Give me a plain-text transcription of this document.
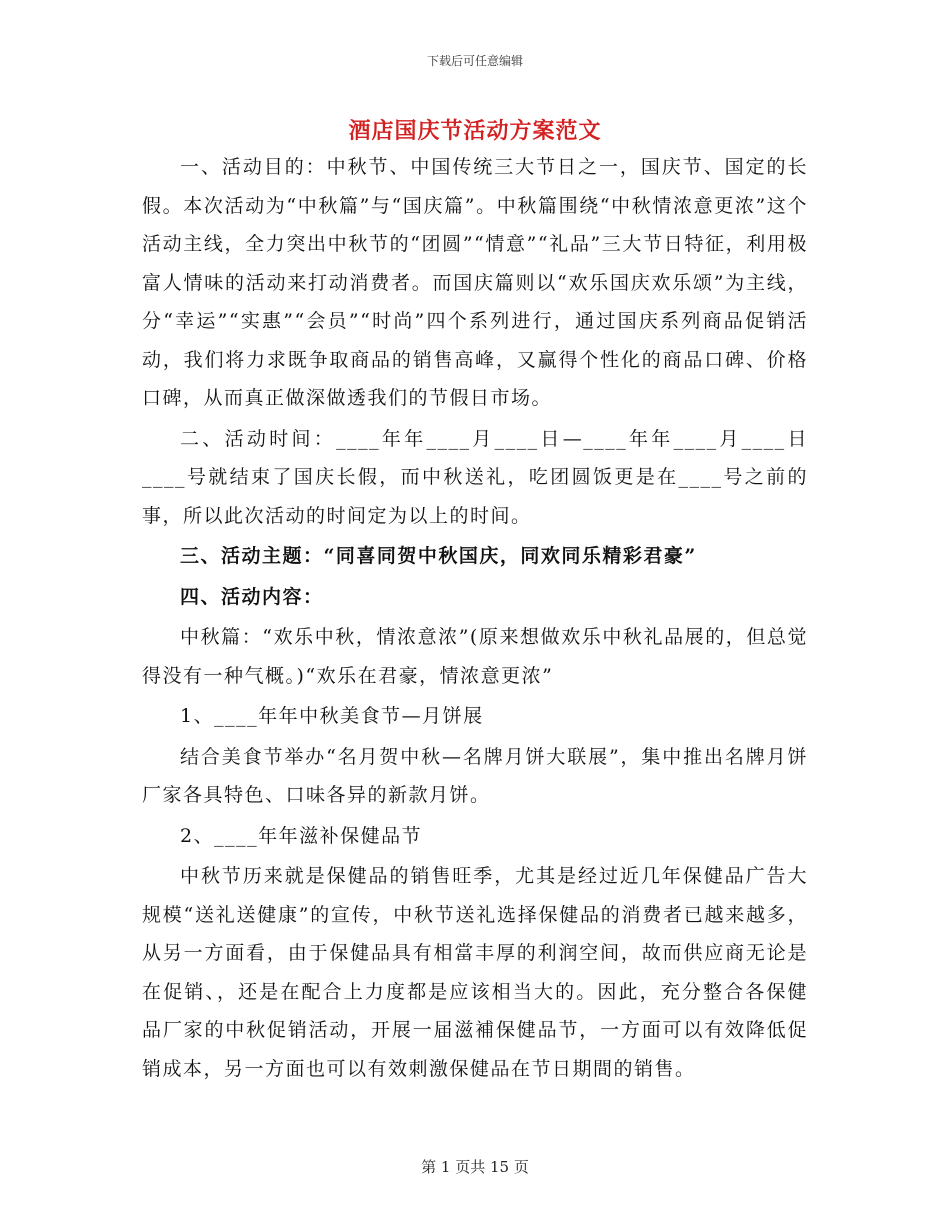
下载后可任意编辑
酒店国庆节活动方案范文

一、活动目的：中秋节、中国传统三大节日之一，国庆节、国定的长假。本次活动为“中秋篇”与“国庆篇”。中秋篇围绕“中秋情浓意更浓”这个活动主线，全力突出中秋节的“团圆”“情意”“礼品”三大节日特征，利用极富人情味的活动来打动消费者。而国庆篇则以“欢乐国庆欢乐颂”为主线，分“幸运”“实惠”“会员”“时尚”四个系列进行，通过国庆系列商品促销活动，我们将力求既争取商品的销售高峰，又赢得个性化的商品口碑、价格口碑，从而真正做深做透我们的节假日市场。

二、活动时间：____年年____月____日—____年年____月____日____号就结束了国庆长假，而中秋送礼，吃团圆饭更是在____号之前的事，所以此次活动的时间定为以上的时间。

三、活动主题：“同喜同贺中秋国庆，同欢同乐精彩君豪”

四、活动内容：

中秋篇：“欢乐中秋，情浓意浓”(原来想做欢乐中秋礼品展的，但总觉得没有一种气概。)“欢乐在君豪，情浓意更浓”

1、____年年中秋美食节—月饼展

结合美食节举办“名月贺中秋—名牌月饼大联展”，集中推出名牌月饼厂家各具特色、口味各异的新款月饼。

2、____年年滋补保健品节

中秋节历来就是保健品的销售旺季，尤其是经过近几年保健品广告大规模“送礼送健康”的宣传，中秋节送礼选择保健品的消费者已越来越多，从另一方面看，由于保健品具有相當丰厚的利润空间，故而供应商无论是在促销、，还是在配合上力度都是应该相当大的。因此，充分整合各保健品厂家的中秋促销活动，开展一届滋補保健品节，一方面可以有效降低促销成本，另一方面也可以有效刺激保健品在节日期間的销售。

第 1 页共 15 页
